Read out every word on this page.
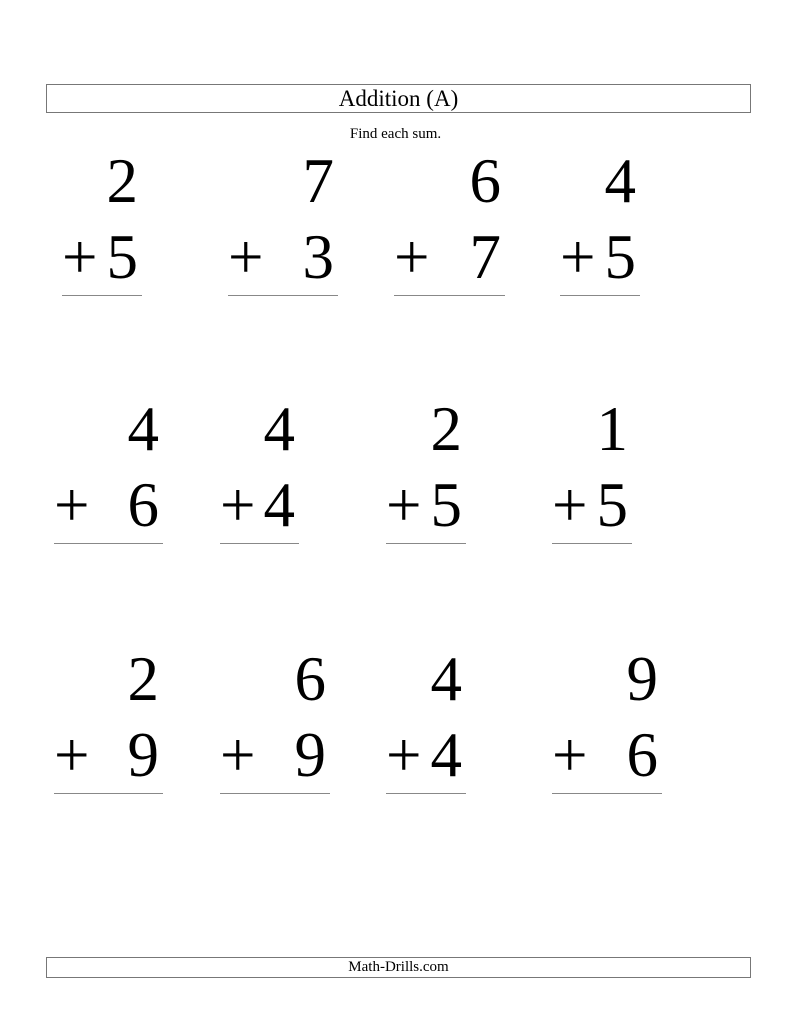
Addition (A)
Find each sum.
2
+ 5
7
+ 3
6
+ 7
4
+ 5
4
+ 6
4
+ 4
2
+ 5
1
+ 5
2
+ 9
6
+ 9
4
+ 4
9
+ 6
Math-Drills.com
